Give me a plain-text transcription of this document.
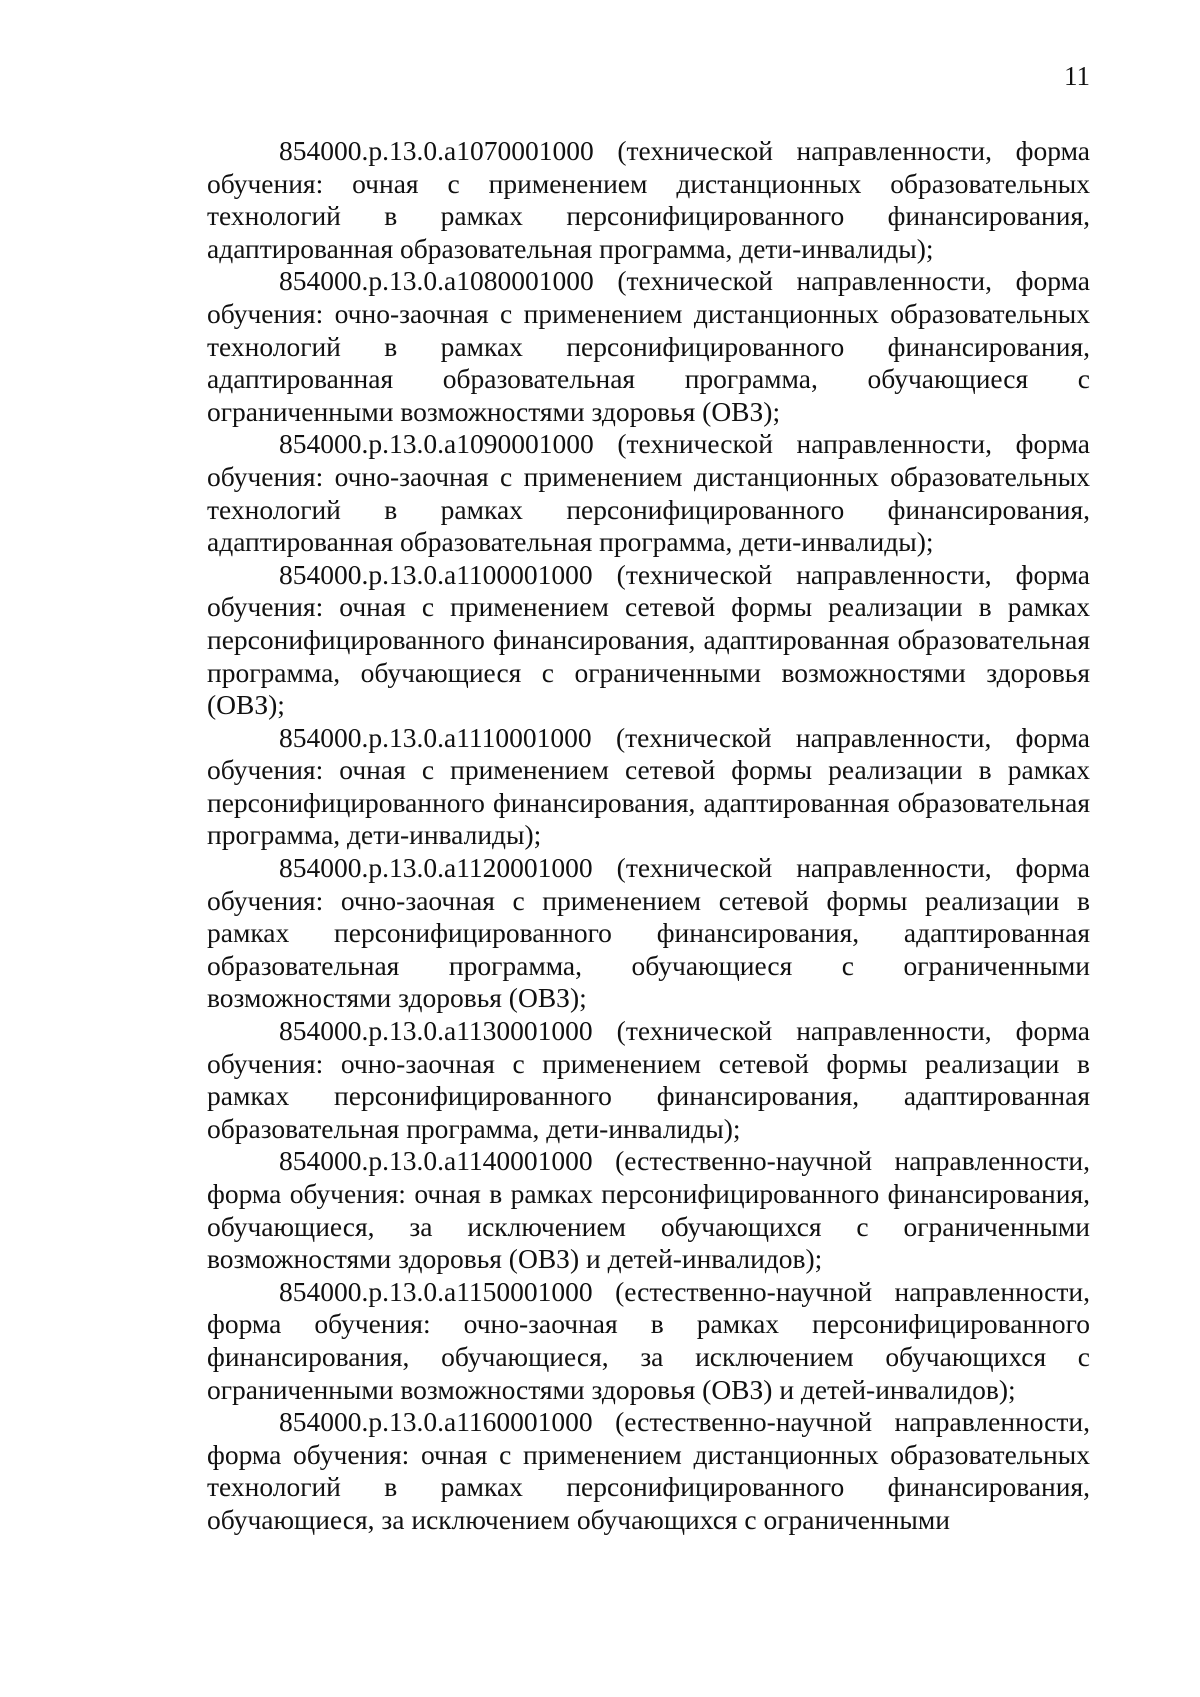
11

854000.р.13.0.а1070001000 (технической направленности, форма обучения: очная с применением дистанционных образовательных технологий в рамках персонифицированного финансирования, адаптированная образовательная программа, дети-инвалиды);

854000.р.13.0.а1080001000 (технической направленности, форма обучения: очно-заочная с применением дистанционных образовательных технологий в рамках персонифицированного финансирования, адаптированная образовательная программа, обучающиеся с ограниченными возможностями здоровья (ОВЗ);

854000.р.13.0.а1090001000 (технической направленности, форма обучения: очно-заочная с применением дистанционных образовательных технологий в рамках персонифицированного финансирования, адаптированная образовательная программа, дети-инвалиды);

854000.р.13.0.а1100001000 (технической направленности, форма обучения: очная с применением сетевой формы реализации в рамках персонифицированного финансирования, адаптированная образовательная программа, обучающиеся с ограниченными возможностями здоровья (ОВЗ);

854000.р.13.0.а1110001000 (технической направленности, форма обучения: очная с применением сетевой формы реализации в рамках персонифицированного финансирования, адаптированная образовательная программа, дети-инвалиды);

854000.р.13.0.а1120001000 (технической направленности, форма обучения: очно-заочная с применением сетевой формы реализации в рамках персонифицированного финансирования, адаптированная образовательная программа, обучающиеся с ограниченными возможностями здоровья (ОВЗ);

854000.р.13.0.а1130001000 (технической направленности, форма обучения: очно-заочная с применением сетевой формы реализации в рамках персонифицированного финансирования, адаптированная образовательная программа, дети-инвалиды);

854000.р.13.0.а1140001000 (естественно-научной направленности, форма обучения: очная в рамках персонифицированного финансирования, обучающиеся, за исключением обучающихся с ограниченными возможностями здоровья (ОВЗ) и детей-инвалидов);

854000.р.13.0.а1150001000 (естественно-научной направленности, форма обучения: очно-заочная в рамках персонифицированного финансирования, обучающиеся, за исключением обучающихся с ограниченными возможностями здоровья (ОВЗ) и детей-инвалидов);

854000.р.13.0.а1160001000 (естественно-научной направленности, форма обучения: очная с применением дистанционных образовательных технологий в рамках персонифицированного финансирования, обучающиеся, за исключением обучающихся с ограниченными
